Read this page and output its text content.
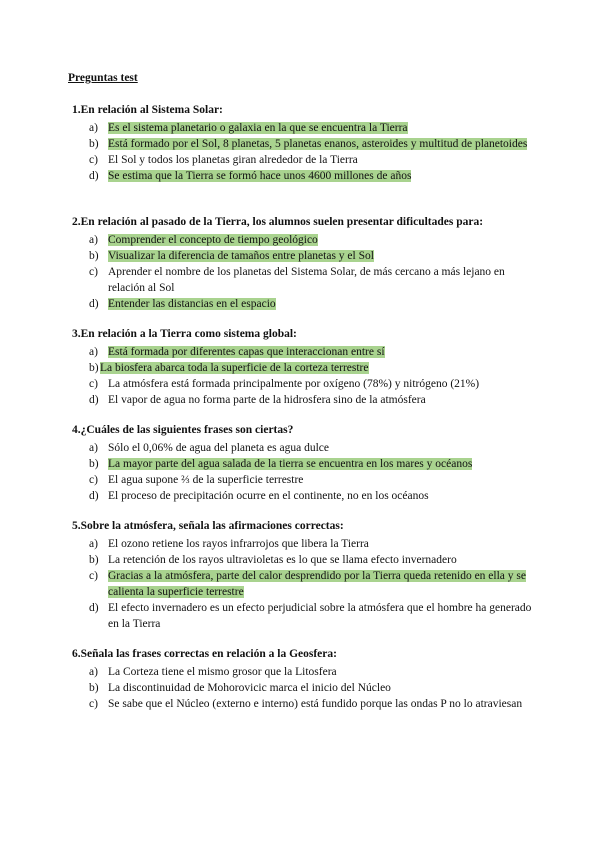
Preguntas test
1.En relación al Sistema Solar:
a) Es el sistema planetario o galaxia en la que se encuentra la Tierra
b) Está formado por el Sol, 8 planetas, 5 planetas enanos, asteroides y multitud de planetoides
c) El Sol y todos los planetas giran alrededor de la Tierra
d) Se estima que la Tierra se formó hace unos 4600 millones de años
2.En relación al pasado de la Tierra, los alumnos suelen presentar dificultades para:
a) Comprender el concepto de tiempo geológico
b) Visualizar la diferencia de tamaños entre planetas y el Sol
c) Aprender el nombre de los planetas del Sistema Solar, de más cercano a más lejano en relación al Sol
d) Entender las distancias en el espacio
3.En relación a la Tierra como sistema global:
a) Está formada por diferentes capas que interaccionan entre sí
b) La biosfera abarca toda la superficie de la corteza terrestre
c) La atmósfera está formada principalmente por oxígeno (78%) y nitrógeno (21%)
d) El vapor de agua no forma parte de la hidrosfera sino de la atmósfera
4.¿Cuáles de las siguientes frases son ciertas?
a) Sólo el 0,06% de agua del planeta es agua dulce
b) La mayor parte del agua salada de la tierra se encuentra en los mares y océanos
c) El agua supone ⅔ de la superficie terrestre
d) El proceso de precipitación ocurre en el continente, no en los océanos
5.Sobre la atmósfera, señala las afirmaciones correctas:
a) El ozono retiene los rayos infrarrojos que libera la Tierra
b) La retención de los rayos ultravioletas es lo que se llama efecto invernadero
c) Gracias a la atmósfera, parte del calor desprendido por la Tierra queda retenido en ella y se calienta la superficie terrestre
d) El efecto invernadero es un efecto perjudicial sobre la atmósfera que el hombre ha generado en la Tierra
6.Señala las frases correctas en relación a la Geosfera:
a) La Corteza tiene el mismo grosor que la Litosfera
b) La discontinuidad de Mohorovicic marca el inicio del Núcleo
c) Se sabe que el Núcleo (externo e interno) está fundido porque las ondas P no lo atraviesan
